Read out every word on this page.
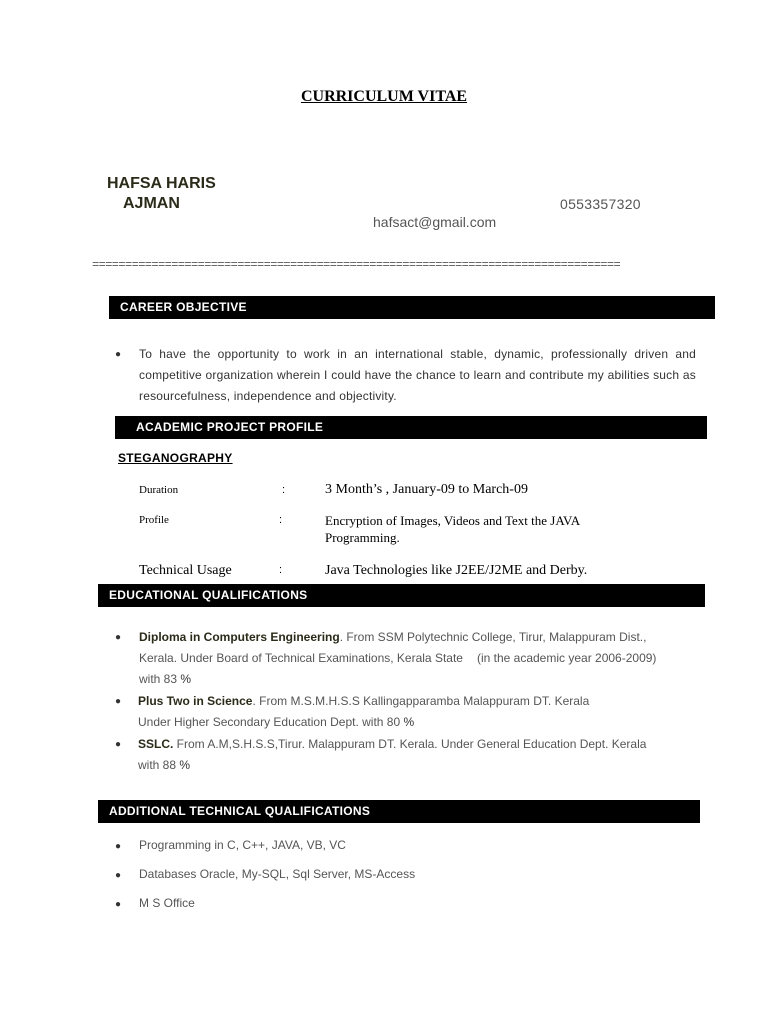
CURRICULUM VITAE
HAFSA HARIS
AJMAN	0553357320
hafsact@gmail.com
================================================================================
CAREER OBJECTIVE
● To have the opportunity to work in an international stable, dynamic, professionally driven and competitive organization wherein I could have the chance to learn and contribute my abilities such as resourcefulness, independence and objectivity.
ACADEMIC PROJECT PROFILE
STEGANOGRAPHY
Duration	:	3 Month’s , January-09 to March-09
Profile	:	Encryption of Images, Videos and Text the JAVA Programming.
Technical Usage	:	Java Technologies like J2EE/J2ME and Derby.
EDUCATIONAL QUALIFICATIONS
● Diploma in Computers Engineering. From SSM Polytechnic College, Tirur, Malappuram Dist.,
Kerala. Under Board of Technical Examinations, Kerala State (in the academic year 2006-2009)
with 83 %
● Plus Two in Science. From M.S.M.H.S.S Kallingapparamba Malappuram DT. Kerala
Under Higher Secondary Education Dept. with 80 %
● SSLC. From A.M,S.H.S.S,Tirur. Malappuram DT. Kerala. Under General Education Dept. Kerala
with 88 %
ADDITIONAL TECHNICAL QUALIFICATIONS
● Programming in C, C++, JAVA, VB, VC
● Databases Oracle, My-SQL, Sql Server, MS-Access
● M S Office
